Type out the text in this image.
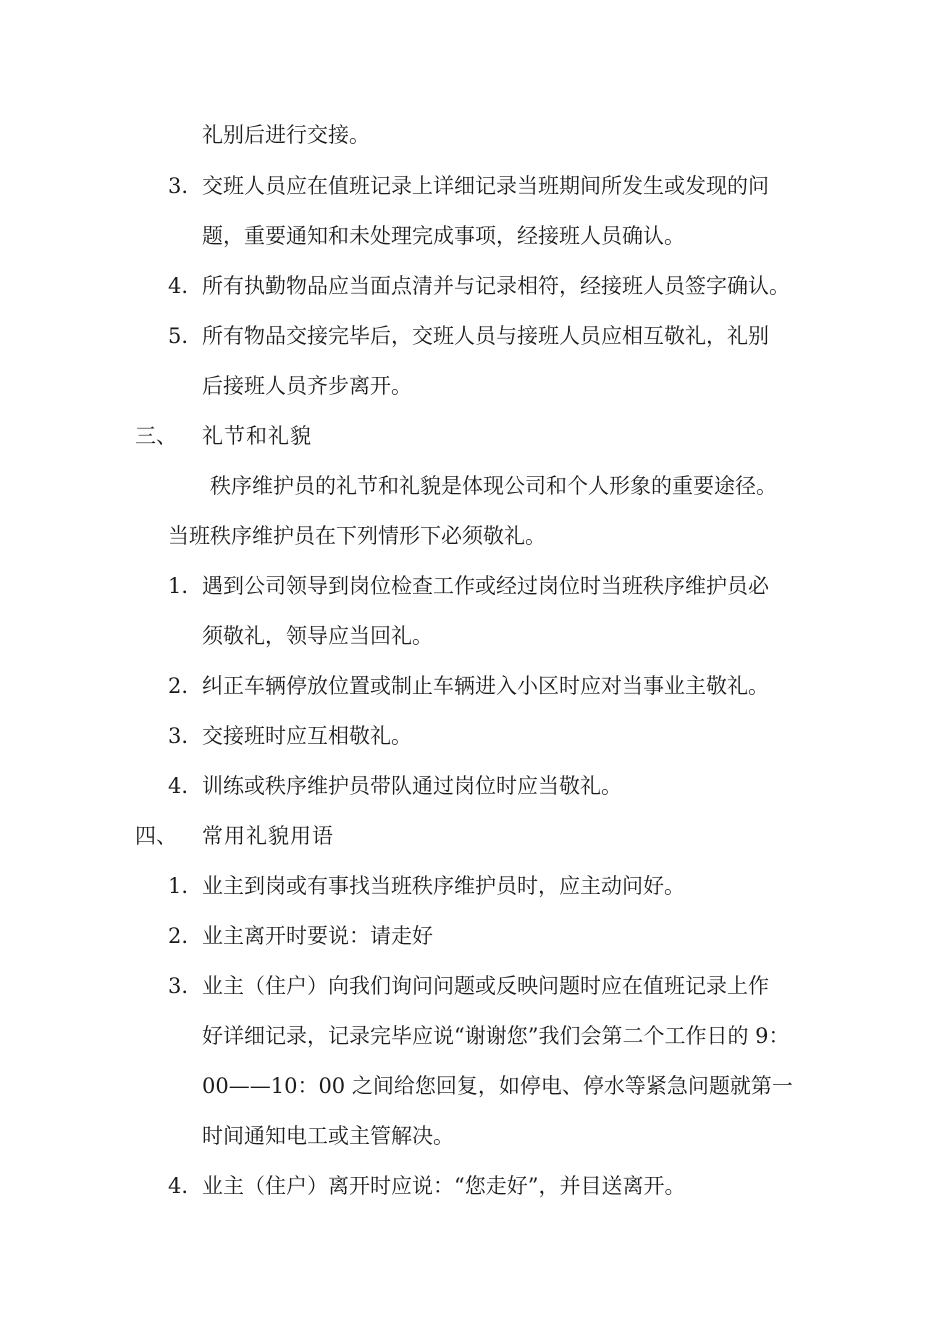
礼别后进行交接。
3. 交班人员应在值班记录上详细记录当班期间所发生或发现的问
题，重要通知和未处理完成事项，经接班人员确认。
4. 所有执勤物品应当面点清并与记录相符，经接班人员签字确认。
5. 所有物品交接完毕后，交班人员与接班人员应相互敬礼，礼别
后接班人员齐步离开。
三、 礼节和礼貌
秩序维护员的礼节和礼貌是体现公司和个人形象的重要途径。
当班秩序维护员在下列情形下必须敬礼。
1. 遇到公司领导到岗位检查工作或经过岗位时当班秩序维护员必
须敬礼，领导应当回礼。
2. 纠正车辆停放位置或制止车辆进入小区时应对当事业主敬礼。
3. 交接班时应互相敬礼。
4. 训练或秩序维护员带队通过岗位时应当敬礼。
四、 常用礼貌用语
1. 业主到岗或有事找当班秩序维护员时，应主动问好。
2. 业主离开时要说：请走好
3. 业主（住户）向我们询问问题或反映问题时应在值班记录上作
好详细记录，记录完毕应说“谢谢您”我们会第二个工作日的 9：
00——10：00 之间给您回复，如停电、停水等紧急问题就第一
时间通知电工或主管解决。
4. 业主（住户）离开时应说：“您走好”，并目送离开。
